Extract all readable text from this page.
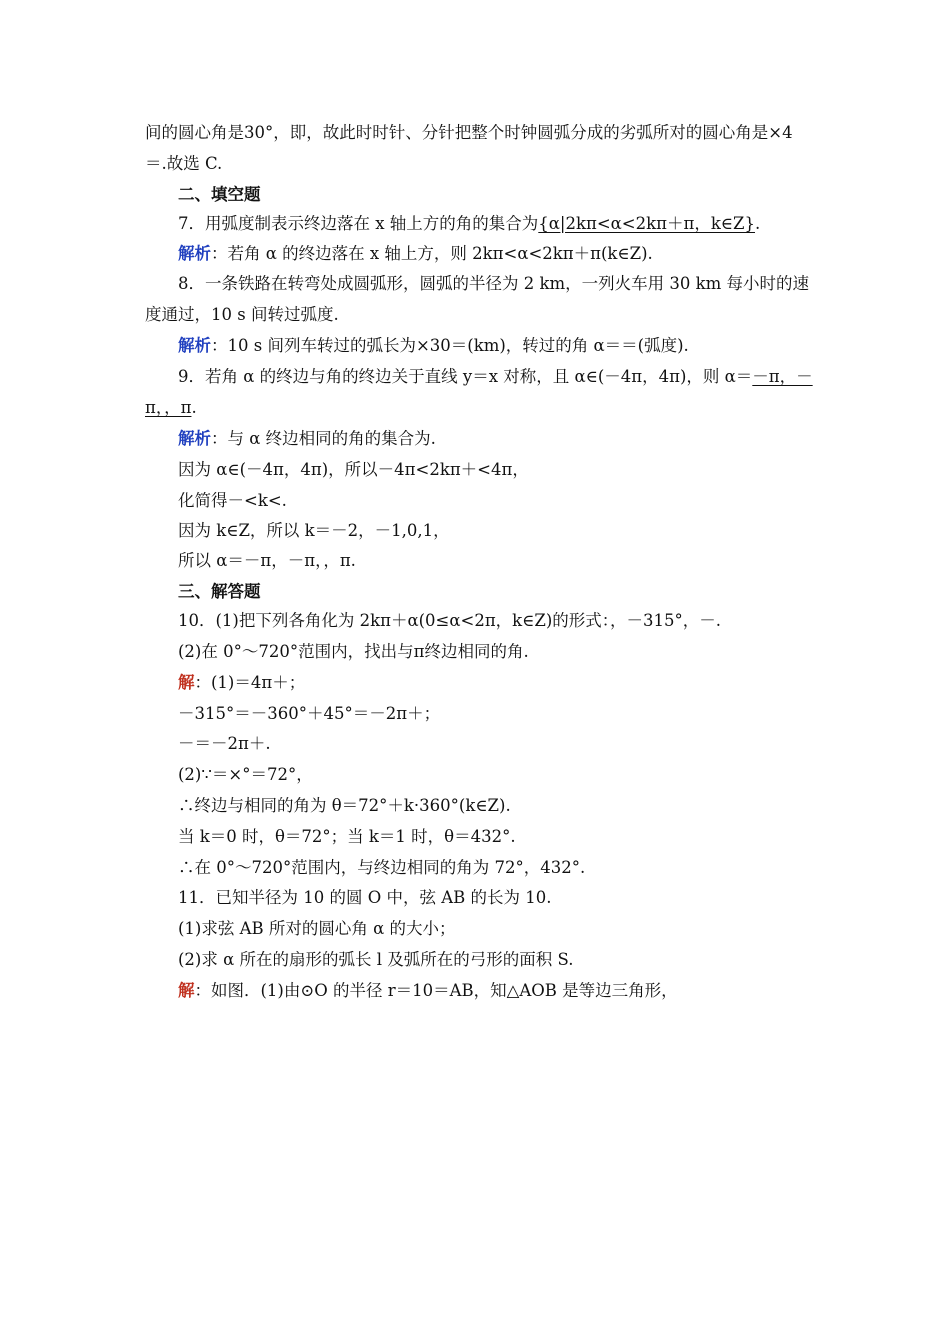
间的圆心角是30°，即，故此时时针、分针把整个时钟圆弧分成的劣弧所对的圆心角是×4
＝.故选 C.
二、填空题
7．用弧度制表示终边落在 x 轴上方的角的集合为{α|2kπ<α<2kπ＋π，k∈Z}.
解析：若角 α 的终边落在 x 轴上方，则 2kπ<α<2kπ＋π(k∈Z).
8．一条铁路在转弯处成圆弧形，圆弧的半径为 2 km，一列火车用 30 km 每小时的速
度通过，10 s 间转过弧度.
解析：10 s 间列车转过的弧长为×30＝(km)，转过的角 α＝＝(弧度).
9．若角 α 的终边与角的终边关于直线 y＝x 对称，且 α∈(－4π，4π)，则 α＝－π，－
π，，π.
解析：与 α 终边相同的角的集合为.
因为 α∈(－4π，4π)，所以－4π<2kπ＋<4π，
化简得－<k<.
因为 k∈Z，所以 k＝－2，－1,0,1，
所以 α＝－π，－π，，π.
三、解答题
10．(1)把下列各角化为 2kπ＋α(0≤α<2π，k∈Z)的形式：，－315°，－.
(2)在 0°～720°范围内，找出与π终边相同的角.
解：(1)＝4π＋；
－315°＝－360°＋45°＝－2π＋；
－＝－2π＋.
(2)∵＝×°＝72°，
∴终边与相同的角为 θ＝72°＋k·360°(k∈Z).
当 k＝0 时，θ＝72°；当 k＝1 时，θ＝432°.
∴在 0°～720°范围内，与终边相同的角为 72°，432°.
11．已知半径为 10 的圆 O 中，弦 AB 的长为 10.
(1)求弦 AB 所对的圆心角 α 的大小；
(2)求 α 所在的扇形的弧长 l 及弧所在的弓形的面积 S.
解：如图．(1)由⊙O 的半径 r＝10＝AB，知△AOB 是等边三角形，
